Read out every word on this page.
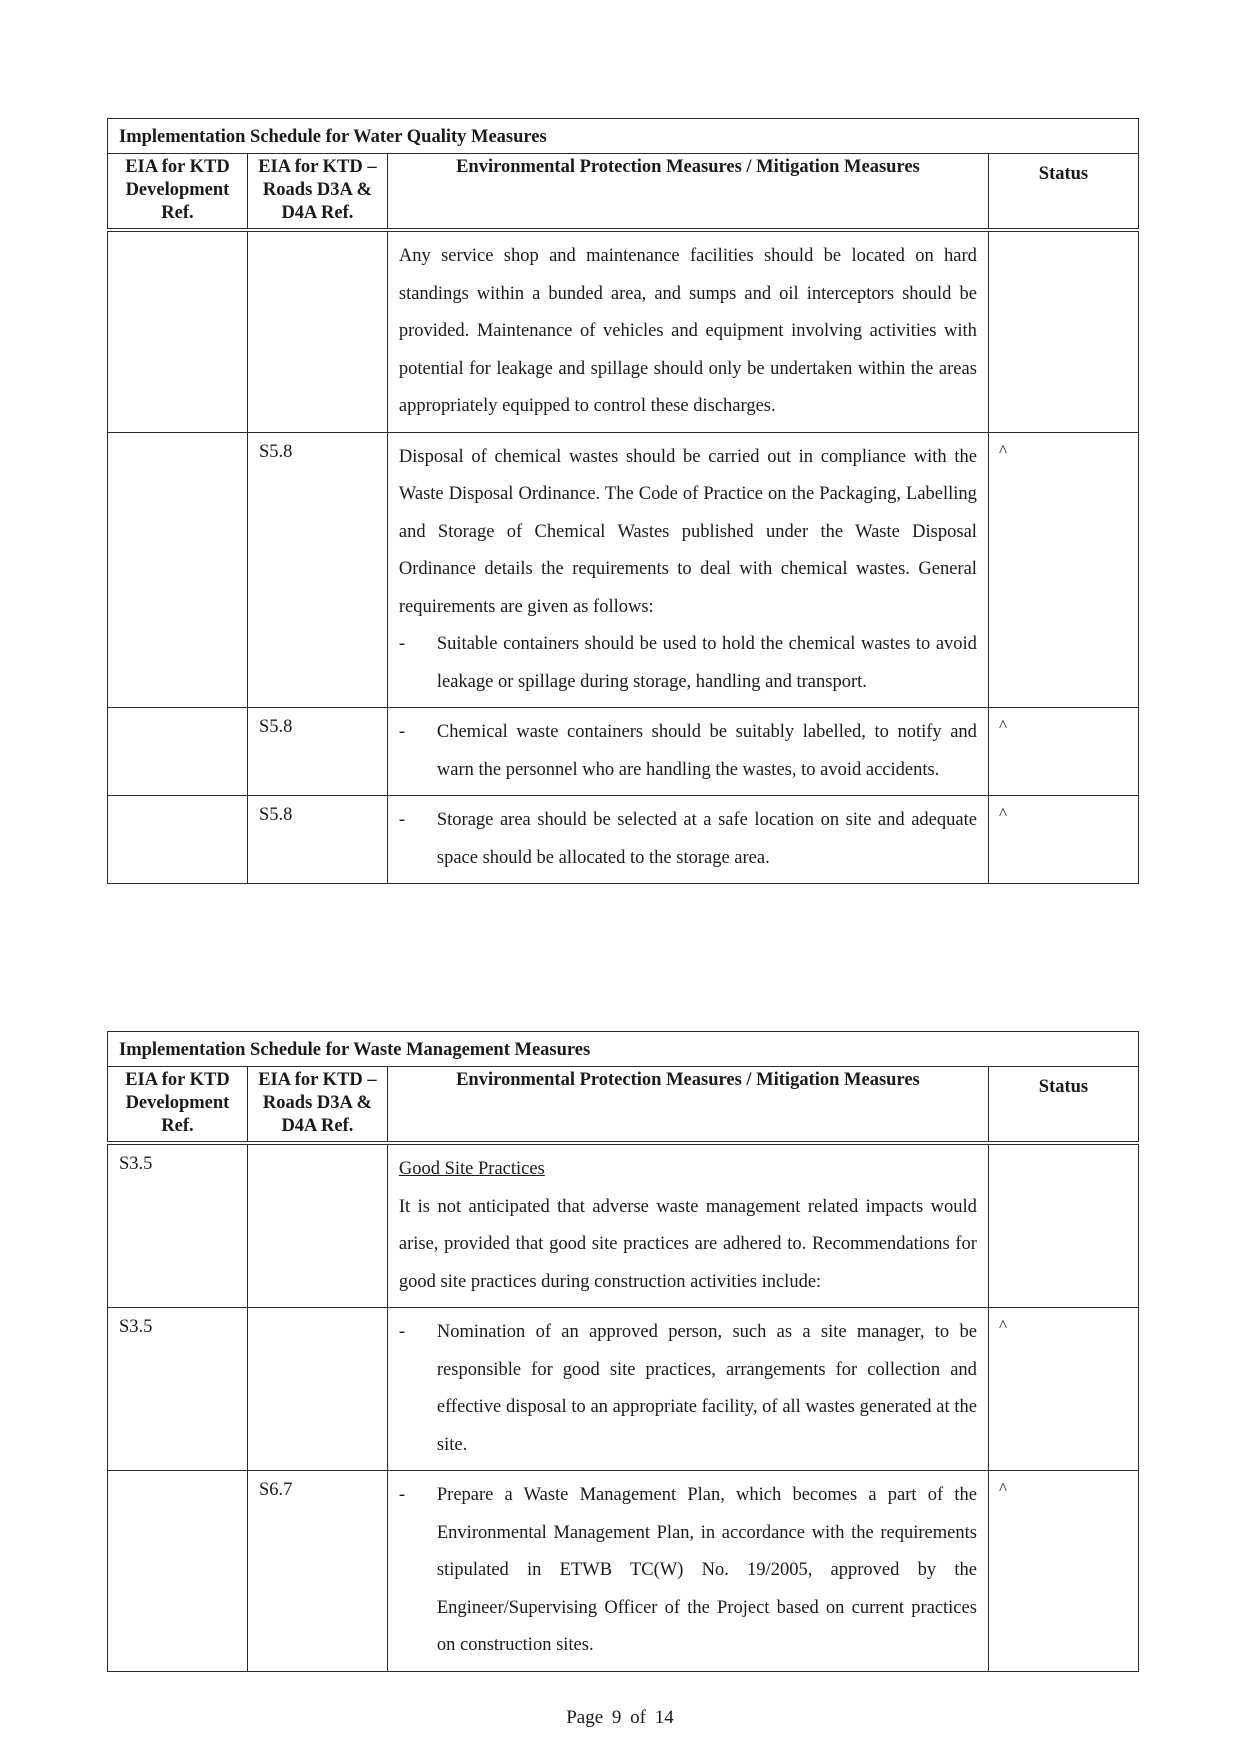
Implementation Schedule for Water Quality Measures			
EIA for KTD Development Ref.	EIA for KTD – Roads D3A & D4A Ref.	Environmental Protection Measures / Mitigation Measures	Status

		Any service shop and maintenance facilities should be located on hard standings within a bunded area, and sumps and oil interceptors should be provided. Maintenance of vehicles and equipment involving activities with potential for leakage and spillage should only be undertaken within the areas appropriately equipped to control these discharges.	

	S5.8	Disposal of chemical wastes should be carried out in compliance with the Waste Disposal Ordinance. The Code of Practice on the Packaging, Labelling and Storage of Chemical Wastes published under the Waste Disposal Ordinance details the requirements to deal with chemical wastes. General requirements are given as follows:
- Suitable containers should be used to hold the chemical wastes to avoid leakage or spillage during storage, handling and transport.	^
	S5.8	- Chemical waste containers should be suitably labelled, to notify and warn the personnel who are handling the wastes, to avoid accidents.	^
	S5.8	- Storage area should be selected at a safe location on site and adequate space should be allocated to the storage area.	^
Implementation Schedule for Waste Management Measures			
EIA for KTD Development Ref.	EIA for KTD – Roads D3A & D4A Ref.	Environmental Protection Measures / Mitigation Measures	Status
S3.5		Good Site Practices
It is not anticipated that adverse waste management related impacts would arise, provided that good site practices are adhered to. Recommendations for good site practices during construction activities include:	

S3.5		- Nomination of an approved person, such as a site manager, to be responsible for good site practices, arrangements for collection and effective disposal to an appropriate facility, of all wastes generated at the site.	^
	S6.7	- Prepare a Waste Management Plan, which becomes a part of the Environmental Management Plan, in accordance with the requirements stipulated in ETWB TC(W) No. 19/2005, approved by the Engineer/Supervising Officer of the Project based on current practices on construction sites.	^
Page 9 of 14
